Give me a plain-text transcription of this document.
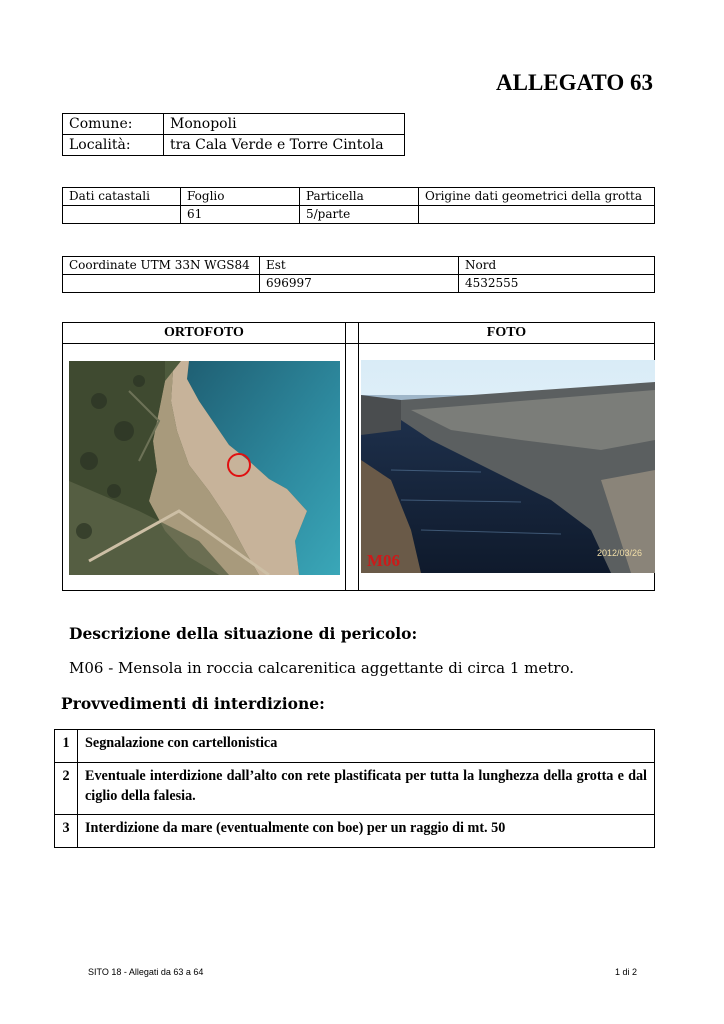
ALLEGATO 63
Comune:	Monopoli
Località:	tra Cala Verde e Torre Cintola
Dati catastali	Foglio	Particella	Origine dati geometrici della grotta
	61	5/parte	
Coordinate UTM 33N WGS84	Est	Nord
	696997	4532555
ORTOFOTO		FOTO

M06 2012/03/26
Descrizione della situazione di pericolo:
M06 - Mensola in roccia calcarenitica aggettante di circa 1 metro.
Provvedimenti di interdizione:
1	Segnalazione con cartellonistica
2	Eventuale interdizione dall’alto con rete plastificata per tutta la lunghezza della grotta e dal ciglio della falesia.
3	Interdizione da mare (eventualmente con boe) per un raggio di mt. 50
SITO 18 - Allegati da 63 a 64	1 di 2
